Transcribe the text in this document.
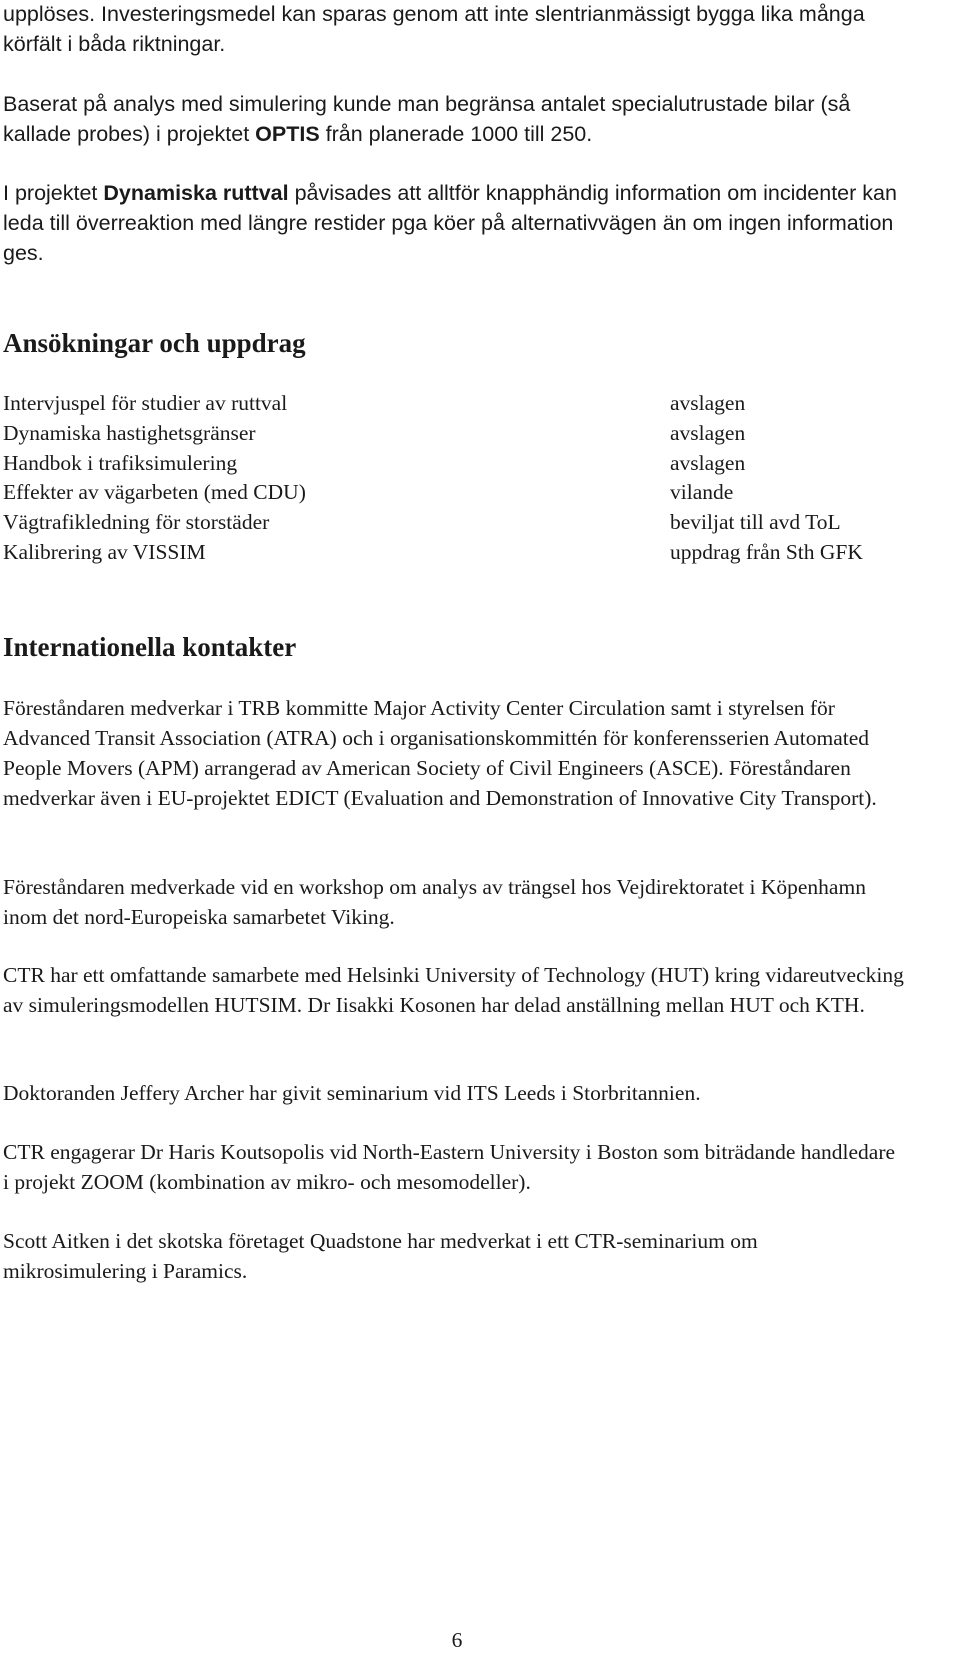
upplöses. Investeringsmedel kan sparas genom att inte slentrianmässigt bygga lika många körfält i båda riktningar.

Baserat på analys med simulering kunde man begränsa antalet specialutrustade bilar (så kallade probes) i projektet OPTIS från planerade 1000 till 250.

I projektet Dynamiska ruttval påvisades att alltför knapphändig information om incidenter kan leda till överreaktion med längre restider pga köer på alternativvägen än om ingen information ges.

Ansökningar och uppdrag
Intervjuspel för studier av ruttval	avslagen
Dynamiska hastighetsgränser	avslagen
Handbok i trafiksimulering	avslagen
Effekter av vägarbeten (med CDU)	vilande
Vägtrafikledning för storstäder	beviljat till avd ToL
Kalibrering av VISSIM	uppdrag från Sth GFK
Internationella kontakter

Föreståndaren medverkar i TRB kommitte Major Activity Center Circulation samt i styrelsen för Advanced Transit Association (ATRA) och i organisationskommittén för konferensserien Automated People Movers (APM) arrangerad av American Society of Civil Engineers (ASCE). Föreståndaren medverkar även i EU-projektet EDICT (Evaluation and Demonstration of Innovative City Transport).

Föreståndaren medverkade vid en workshop om analys av trängsel hos Vejdirektoratet i Köpenhamn inom det nord-Europeiska samarbetet Viking.

CTR har ett omfattande samarbete med Helsinki University of Technology (HUT) kring vidareutvecking av simuleringsmodellen HUTSIM. Dr Iisakki Kosonen har delad anställning mellan HUT och KTH.

Doktoranden Jeffery Archer har givit seminarium vid ITS Leeds i Storbritannien.

CTR engagerar Dr Haris Koutsopolis vid North-Eastern University i Boston som biträdande handledare i projekt ZOOM (kombination av mikro- och mesomodeller).

Scott Aitken i det skotska företaget Quadstone har medverkat i ett CTR-seminarium om mikrosimulering i Paramics.

6
